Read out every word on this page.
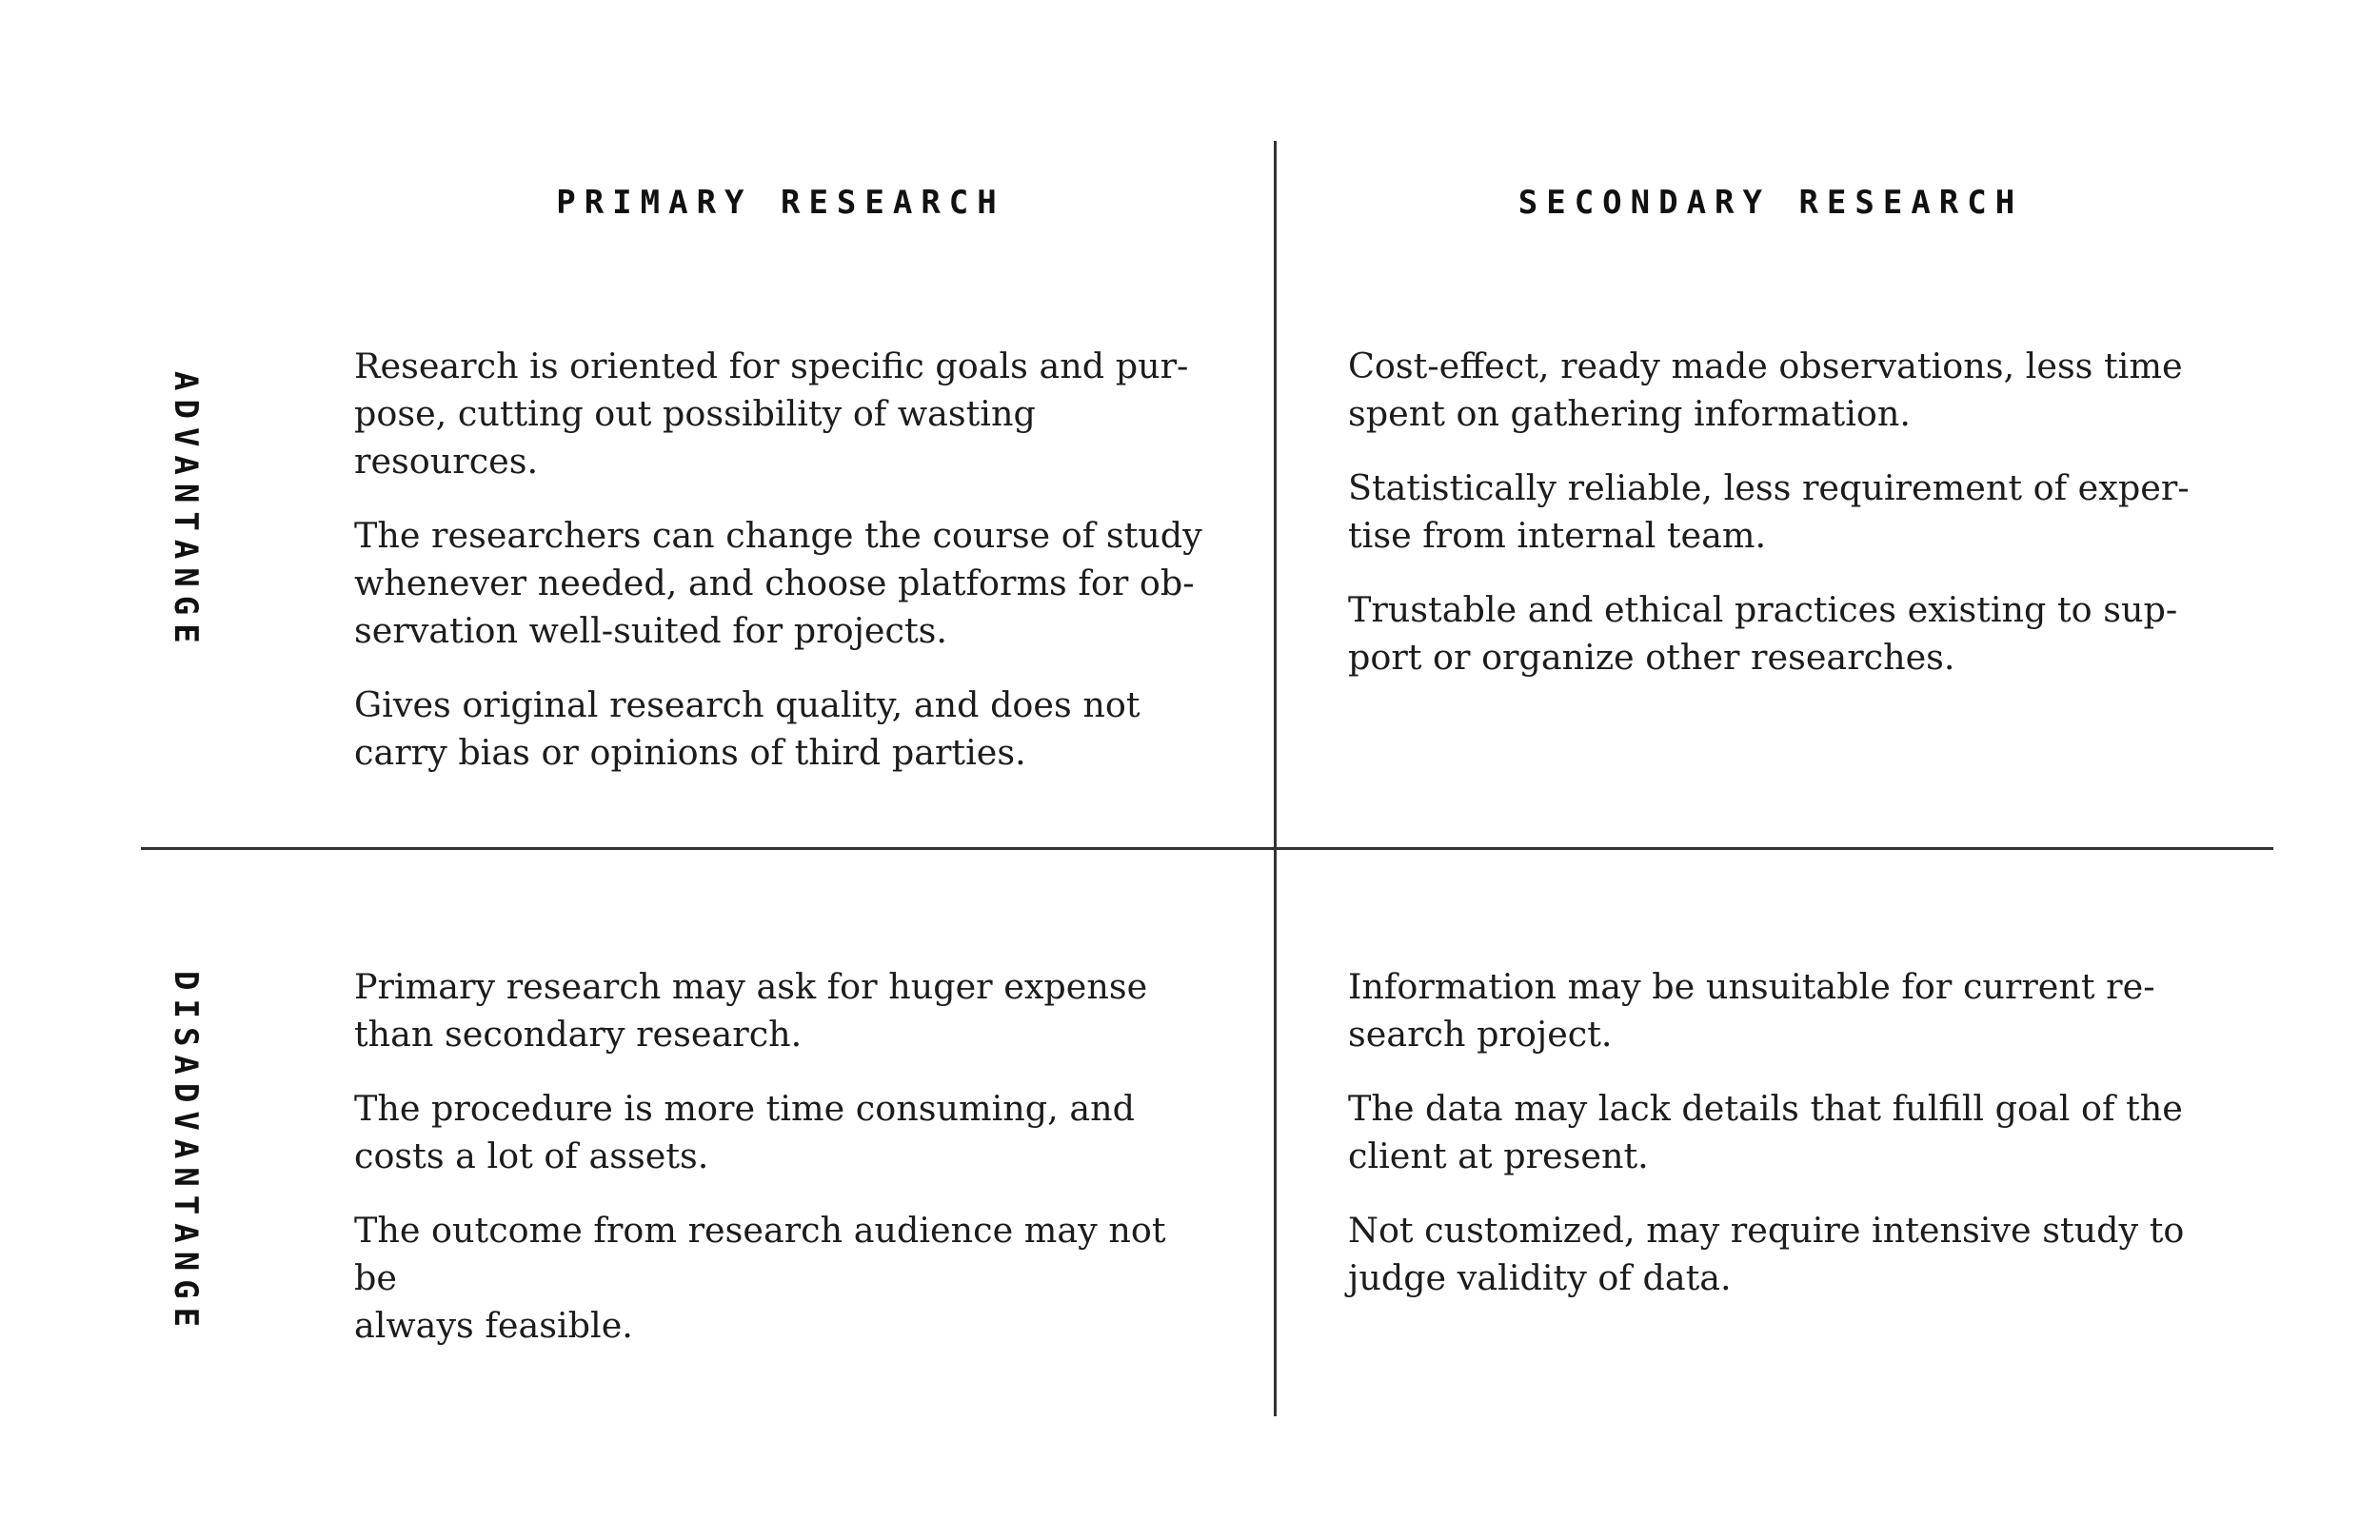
PRIMARY RESEARCH	SECONDARY RESEARCH
ADVANTANGE
DISADVANTANGE

Research is oriented for specific goals and pur-
pose, cutting out possibility of wasting resources.

The researchers can change the course of study
whenever needed, and choose platforms for ob-
servation well-suited for projects.

Gives original research quality, and does not
carry bias or opinions of third parties.

Cost-effect, ready made observations, less time
spent on gathering information.

Statistically reliable, less requirement of exper-
tise from internal team.

Trustable and ethical practices existing to sup-
port or organize other researches.

Primary research may ask for huger expense
than secondary research.

The procedure is more time consuming, and
costs a lot of assets.

The outcome from research audience may not be
always feasible.

Information may be unsuitable for current re-
search project.

The data may lack details that fulfill goal of the
client at present.

Not customized, may require intensive study to
judge validity of data.
